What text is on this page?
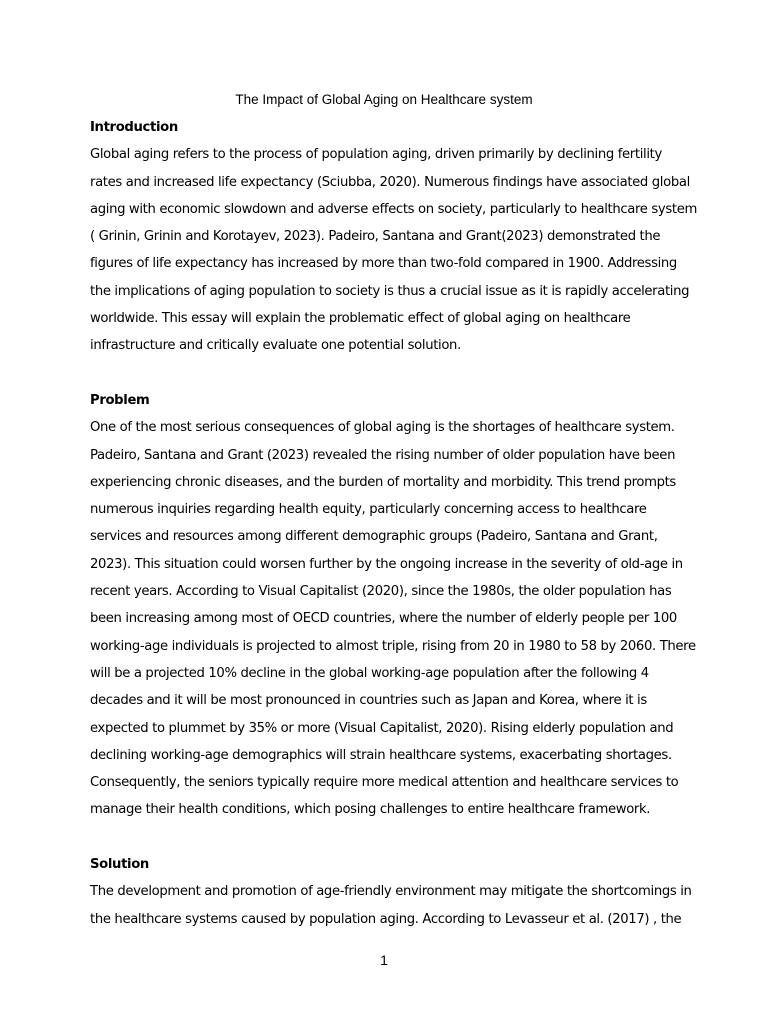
The Impact of Global Aging on Healthcare system
Introduction

Global aging refers to the process of population aging, driven primarily by declining fertility
rates and increased life expectancy (Sciubba, 2020). Numerous findings have associated global
aging with economic slowdown and adverse effects on society, particularly to healthcare system
( Grinin, Grinin and Korotayev, 2023). Padeiro, Santana and Grant(2023) demonstrated the
figures of life expectancy has increased by more than two-fold compared in 1900. Addressing
the implications of aging population to society is thus a crucial issue as it is rapidly accelerating
worldwide. This essay will explain the problematic effect of global aging on healthcare
infrastructure and critically evaluate one potential solution.

Problem

One of the most serious consequences of global aging is the shortages of healthcare system.
Padeiro, Santana and Grant (2023) revealed the rising number of older population have been
experiencing chronic diseases, and the burden of mortality and morbidity. This trend prompts
numerous inquiries regarding health equity, particularly concerning access to healthcare
services and resources among different demographic groups (Padeiro, Santana and Grant,
2023). This situation could worsen further by the ongoing increase in the severity of old-age in
recent years. According to Visual Capitalist (2020), since the 1980s, the older population has
been increasing among most of OECD countries, where the number of elderly people per 100
working-age individuals is projected to almost triple, rising from 20 in 1980 to 58 by 2060. There
will be a projected 10% decline in the global working-age population after the following 4
decades and it will be most pronounced in countries such as Japan and Korea, where it is
expected to plummet by 35% or more (Visual Capitalist, 2020). Rising elderly population and
declining working-age demographics will strain healthcare systems, exacerbating shortages.
Consequently, the seniors typically require more medical attention and healthcare services to
manage their health conditions, which posing challenges to entire healthcare framework.

Solution

The development and promotion of age-friendly environment may mitigate the shortcomings in
the healthcare systems caused by population aging. According to Levasseur et al. (2017) , the

1
